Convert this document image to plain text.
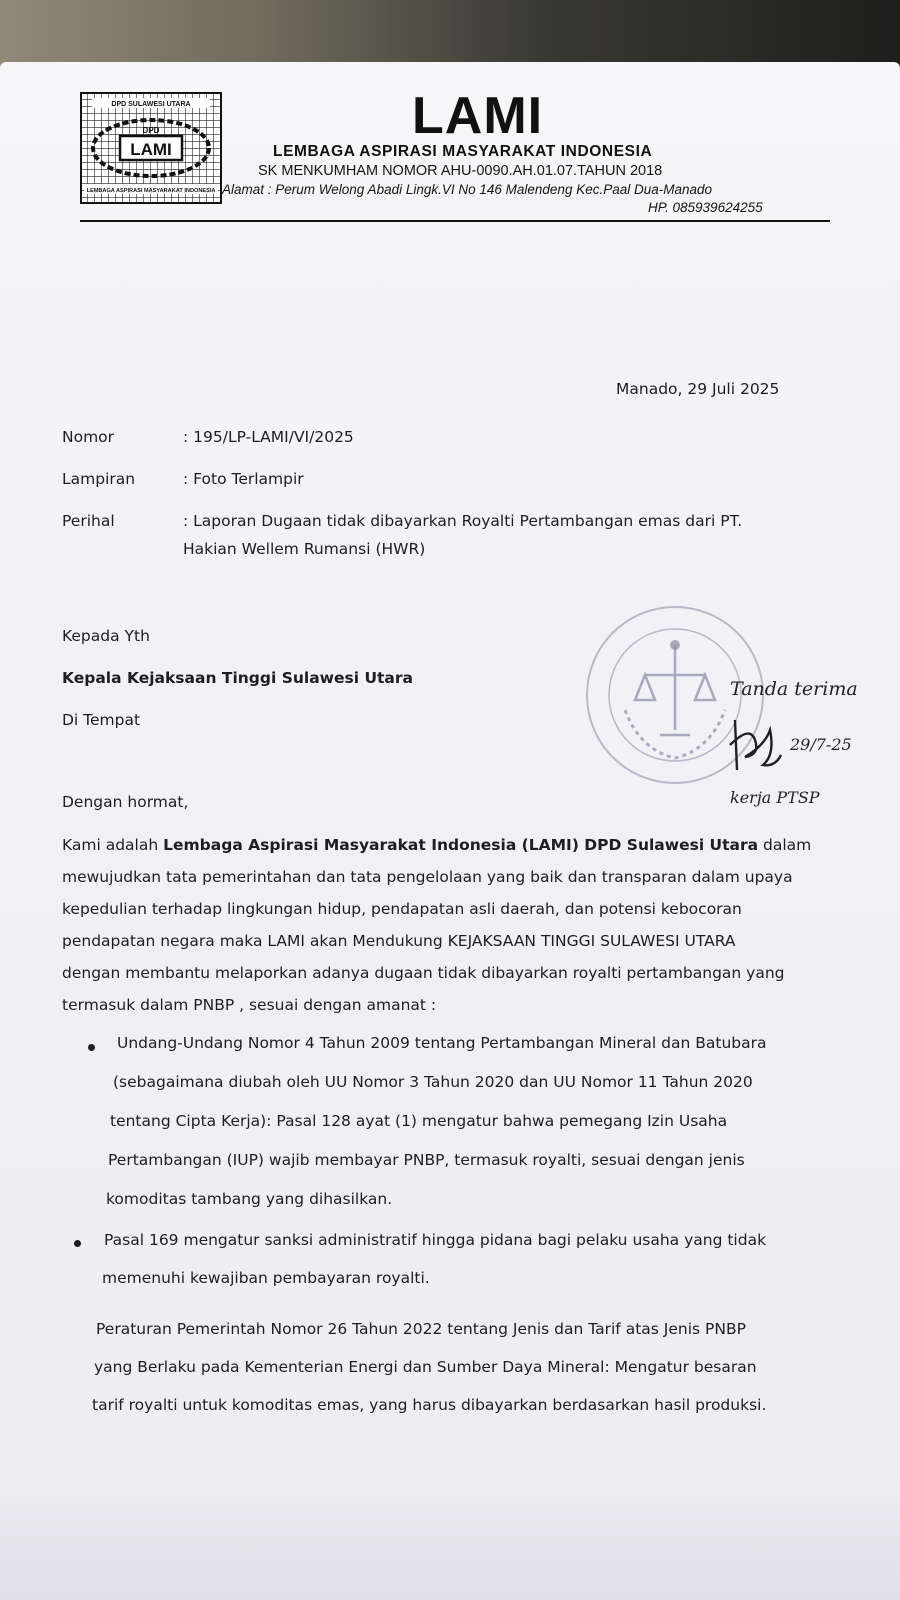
DPD SULAWESI UTARA
DPD
LAMI
LEMBAGA ASPIRASI MASYARAKAT INDONESIA
LAMI
LEMBAGA ASPIRASI MASYARAKAT INDONESIA
SK MENKUMHAM NOMOR AHU-0090.AH.01.07.TAHUN 2018
Alamat : Perum Welong Abadi Lingk.VI No 146 Malendeng Kec.Paal Dua-Manado
HP. 085939624255
Manado, 29 Juli 2025
Nomor	: 195/LP-LAMI/VI/2025
Lampiran	: Foto Terlampir
Perihal	: Laporan Dugaan tidak dibayarkan Royalti Pertambangan emas dari PT.
Hakian Wellem Rumansi (HWR)
Kepada Yth
Kepala Kejaksaan Tinggi Sulawesi Utara
Di Tempat
Tanda terima
29/7-25
kerja PTSP
Dengan hormat,
Kami adalah Lembaga Aspirasi Masyarakat Indonesia (LAMI) DPD Sulawesi Utara dalam
mewujudkan tata pemerintahan dan tata pengelolaan yang baik dan transparan dalam upaya
kepedulian terhadap lingkungan hidup, pendapatan asli daerah, dan potensi kebocoran
pendapatan negara maka LAMI akan Mendukung KEJAKSAAN TINGGI SULAWESI UTARA
dengan membantu melaporkan adanya dugaan tidak dibayarkan royalti pertambangan yang
termasuk dalam PNBP , sesuai dengan amanat :
Undang-Undang Nomor 4 Tahun 2009 tentang Pertambangan Mineral dan Batubara
(sebagaimana diubah oleh UU Nomor 3 Tahun 2020 dan UU Nomor 11 Tahun 2020
tentang Cipta Kerja): Pasal 128 ayat (1) mengatur bahwa pemegang Izin Usaha
Pertambangan (IUP) wajib membayar PNBP, termasuk royalti, sesuai dengan jenis
komoditas tambang yang dihasilkan.
Pasal 169 mengatur sanksi administratif hingga pidana bagi pelaku usaha yang tidak
memenuhi kewajiban pembayaran royalti.
Peraturan Pemerintah Nomor 26 Tahun 2022 tentang Jenis dan Tarif atas Jenis PNBP
yang Berlaku pada Kementerian Energi dan Sumber Daya Mineral: Mengatur besaran
tarif royalti untuk komoditas emas, yang harus dibayarkan berdasarkan hasil produksi.
